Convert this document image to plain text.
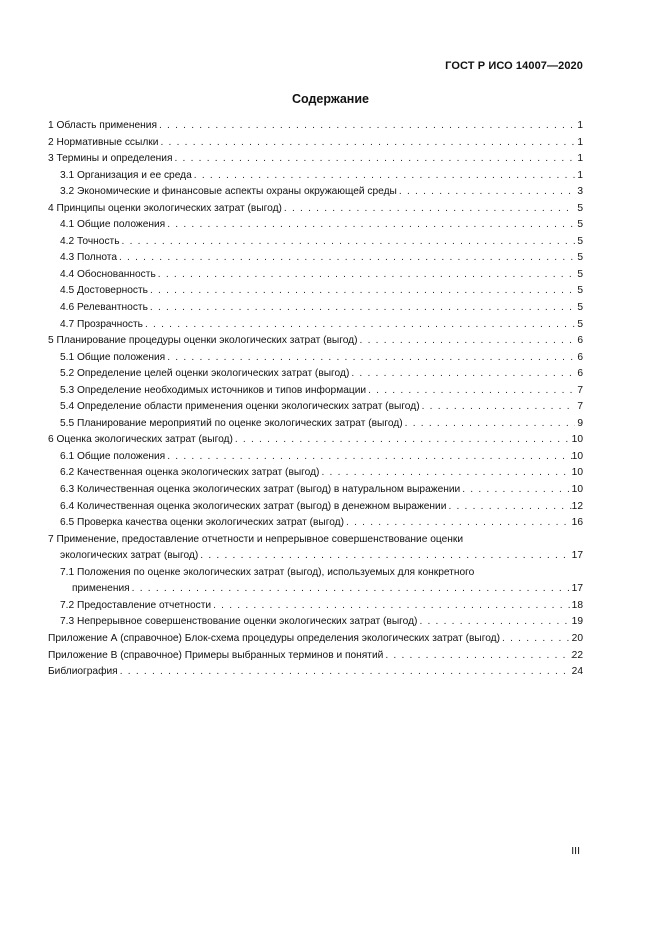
ГОСТ Р ИСО 14007—2020
Содержание
1 Область применения . . .	1
2 Нормативные ссылки . . .	1
3 Термины и определения . . .	1
3.1 Организация и ее среда . . .	1
3.2 Экономические и финансовые аспекты охраны окружающей среды . . .	3
4 Принципы оценки экологических затрат (выгод) . . .	5
4.1 Общие положения . . .	5
4.2 Точность . . .	5
4.3 Полнота . . .	5
4.4 Обоснованность . . .	5
4.5 Достоверность . . .	5
4.6 Релевантность . . .	5
4.7 Прозрачность . . .	5
5 Планирование процедуры оценки экологических затрат (выгод) . . .	6
5.1 Общие положения . . .	6
5.2 Определение целей оценки экологических затрат (выгод) . . .	6
5.3 Определение необходимых источников и типов информации . . .	7
5.4 Определение области применения оценки экологических затрат (выгод) . . .	7
5.5 Планирование мероприятий по оценке экологических затрат (выгод) . . .	9
6 Оценка экологических затрат (выгод) . . .	10
6.1 Общие положения . . .	10
6.2 Качественная оценка экологических затрат (выгод) . . .	10
6.3 Количественная оценка экологических затрат (выгод) в натуральном выражении . . .	10
6.4 Количественная оценка экологических затрат (выгод) в денежном выражении . . .	12
6.5 Проверка качества оценки экологических затрат (выгод) . . .	16
7 Применение, предоставление отчетности и непрерывное совершенствование оценки
экологических затрат (выгод) . . .	17
7.1 Положения по оценке экологических затрат (выгод), используемых для конкретного
применения . . .	17
7.2 Предоставление отчетности . . .	18
7.3 Непрерывное совершенствование оценки экологических затрат (выгод) . . .	19
Приложение А (справочное) Блок-схема процедуры определения экологических затрат (выгод) . . .	20
Приложение В (справочное) Примеры выбранных терминов и понятий . . .	22
Библиография . . .	24
III
